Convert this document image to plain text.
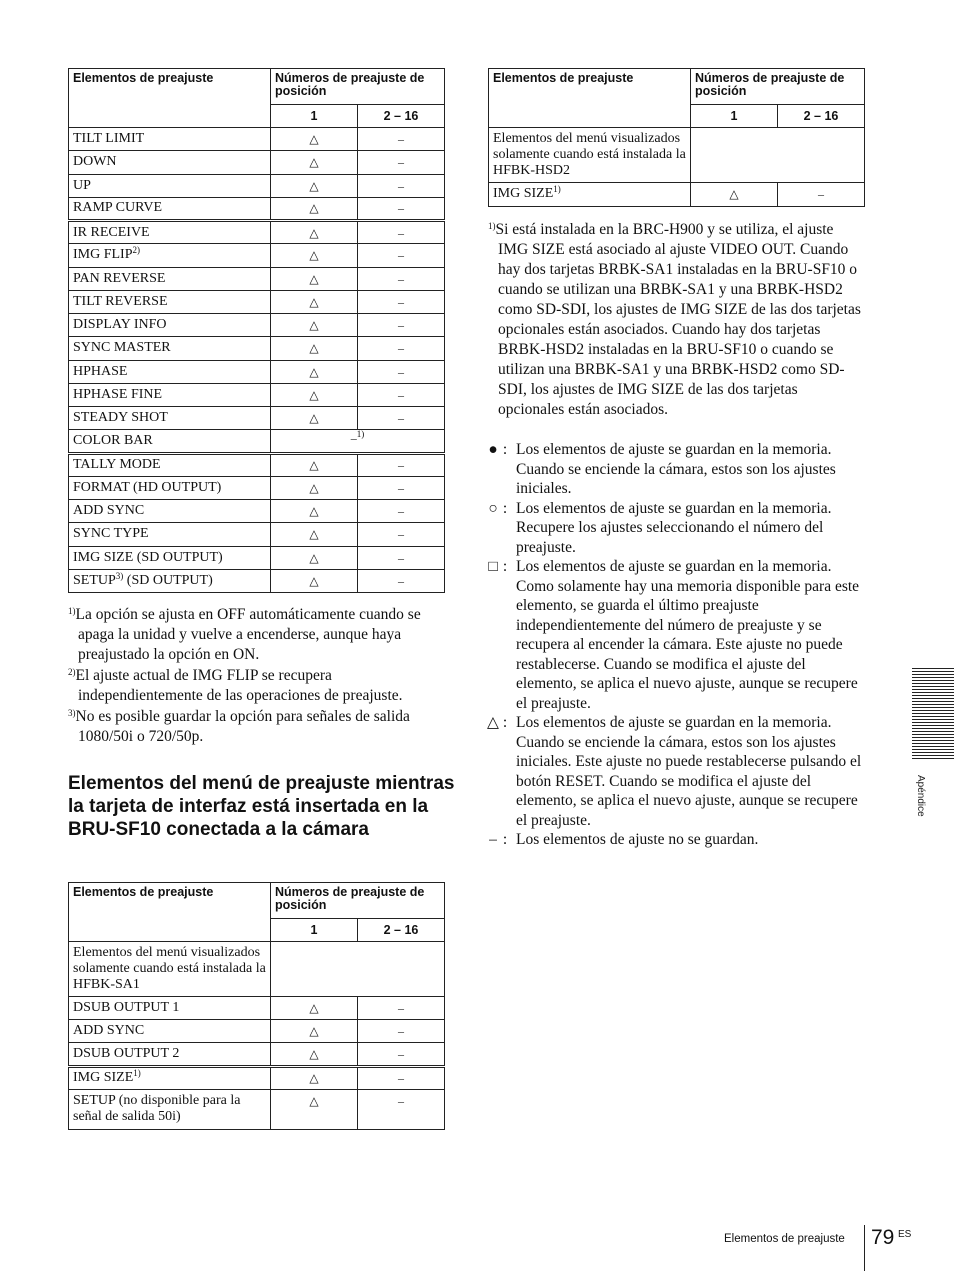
Elementos de preajuste	Números de preajuste de posición	
	1	2 – 16
TILT LIMIT	△	–
DOWN	△	–
UP	△	–
RAMP CURVE	△	–
IR RECEIVE	△	–
IMG FLIP$^{2)}$	△	–
PAN REVERSE	△	–
TILT REVERSE	△	–
DISPLAY INFO	△	–
SYNC MASTER	△	–
HPHASE	△	–
HPHASE FINE	△	–
STEADY SHOT	△	–
COLOR BAR	–$^{1)}$
TALLY MODE	△	–
FORMAT (HD OUTPUT)	△	–
ADD SYNC	△	–
SYNC TYPE	△	–
IMG SIZE (SD OUTPUT)	△	–
SETUP$^{3)}$ (SD OUTPUT)	△	–

$^{1)}$La opción se ajusta en OFF automáticamente cuando se apaga la unidad y vuelve a encenderse, aunque haya preajustado la opción en ON.

$^{2)}$El ajuste actual de IMG FLIP se recupera independientemente de las operaciones de preajuste.

$^{3)}$No es posible guardar la opción para señales de salida 1080/50i o 720/50p.

Elementos del menú de preajuste mientras la tarjeta de interfaz está insertada en la BRU-SF10 conectada a la cámara
Elementos de preajuste	Números de preajuste de posición	
	1	2 – 16
Elementos del menú visualizados solamente cuando está instalada la HFBK-SA1		
DSUB OUTPUT 1	△	–
ADD SYNC	△	–
DSUB OUTPUT 2	△	–
IMG SIZE$^{1)}$	△	–
SETUP (no disponible para la señal de salida 50i)	△	–
Elementos de preajuste	Números de preajuste de posición	
	1	2 – 16
Elementos del menú visualizados solamente cuando está instalada la HFBK-HSD2		
IMG SIZE$^{1)}$	△	–

$^{1)}$Si está instalada en la BRC-H900 y se utiliza, el ajuste IMG SIZE está asociado al ajuste VIDEO OUT. Cuando hay dos tarjetas BRBK-SA1 instaladas en la BRU-SF10 o cuando se utilizan una BRBK-SA1 y una BRBK-HSD2 como SD-SDI, los ajustes de IMG SIZE de las dos tarjetas opcionales están asociados. Cuando hay dos tarjetas BRBK-HSD2 instaladas en la BRU-SF10 o cuando se utilizan una BRBK-SA1 y una BRBK-HSD2 como SD-SDI, los ajustes de IMG SIZE de las dos tarjetas opcionales están asociados.

● : Los elementos de ajuste se guardan en la memoria. Cuando se enciende la cámara, estos son los ajustes iniciales.
○ : Los elementos de ajuste se guardan en la memoria. Recupere los ajustes seleccionando el número del preajuste.
□ : Los elementos de ajuste se guardan en la memoria. Como solamente hay una memoria disponible para este elemento, se guarda el último preajuste independientemente del número de preajuste y se recupera al encender la cámara. Este ajuste no puede restablecerse. Cuando se modifica el ajuste del elemento, se aplica el nuevo ajuste, aunque se recupere el preajuste.
△ : Los elementos de ajuste se guardan en la memoria. Cuando se enciende la cámara, estos son los ajustes iniciales. Este ajuste no puede restablecerse pulsando el botón RESET. Cuando se modifica el ajuste del elemento, se aplica el nuevo ajuste, aunque se recupere el preajuste.
– : Los elementos de ajuste no se guardan.
Apéndice
Elementos de preajuste 79 ES
